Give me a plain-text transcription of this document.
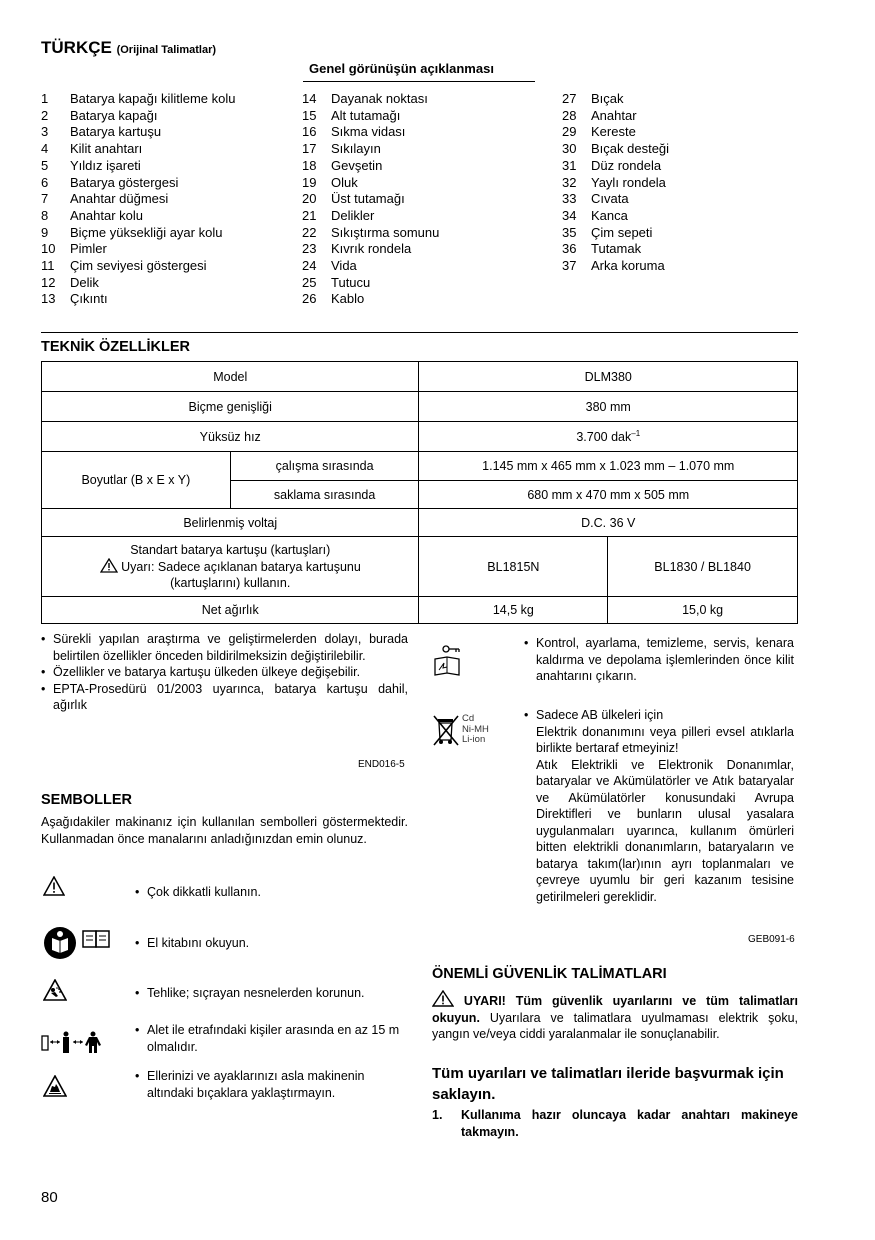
TÜRKÇE (Orijinal Talimatlar)
Genel görünüşün açıklanması
1	Batarya kapağı kilitleme kolu
2	Batarya kapağı
3	Batarya kartuşu
4	Kilit anahtarı
5	Yıldız işareti
6	Batarya göstergesi
7	Anahtar düğmesi
8	Anahtar kolu
9	Biçme yüksekliği ayar kolu
10	Pimler
11	Çim seviyesi göstergesi
12	Delik
13	Çıkıntı
14	Dayanak noktası
15	Alt tutamağı
16	Sıkma vidası
17	Sıkılayın
18	Gevşetin
19	Oluk
20	Üst tutamağı
21	Delikler
22	Sıkıştırma somunu
23	Kıvrık rondela
24	Vida
25	Tutucu
26	Kablo
27	Bıçak
28	Anahtar
29	Kereste
30	Bıçak desteği
31	Düz rondela
32	Yaylı rondela
33	Cıvata
34	Kanca
35	Çim sepeti
36	Tutamak
37	Arka koruma
TEKNİK ÖZELLİKLER
Model		DLM380	
Biçme genişliği		380 mm	
Yüksüz hız		3.700 dak$^{-1}$
Boyutlar (B x E x Y)	çalışma sırasında	1.145 mm x 465 mm x 1.023 mm – 1.070 mm	
	saklama sırasında	680 mm x 470 mm x 505 mm	
Belirlenmiş voltaj		D.C. 36 V	

Standart batarya kartuşu (kartuşları)
Uyarı: Sadece açıklanan batarya kartuşunu
(kartuşlarını) kullanın.		BL1815N	BL1830 / BL1840
Net ağırlık		14,5 kg	15,0 kg
• Sürekli yapılan araştırma ve geliştirmelerden dolayı, burada belirtilen özellikler önceden bildirilmeksizin değiştirilebilir.
• Özellikler ve batarya kartuşu ülkeden ülkeye değişebilir.
• EPTA-Prosedürü 01/2003 uyarınca, batarya kartuşu dahil, ağırlık
END016-5
SEMBOLLER
Aşağıdakiler makinanız için kullanılan sembolleri göstermektedir. Kullanmadan önce manalarını anladığınızdan emin olunuz.
• Çok dikkatli kullanın.
• El kitabını okuyun.
• Tehlike; sıçrayan nesnelerden korunun.
• Alet ile etrafındaki kişiler arasında en az 15 m olmalıdır.
• Ellerinizi ve ayaklarınızı asla makinenin altındaki bıçaklara yaklaştırmayın.
• Kontrol, ayarlama, temizleme, servis, kenara kaldırma ve depolama işlemlerinden önce kilit anahtarını çıkarın.
Cd
Ni-MH
Li-ion
• Sadece AB ülkeleri için
Elektrik donanımını veya pilleri evsel atıklarla birlikte bertaraf etmeyiniz!
Atık Elektrikli ve Elektronik Donanımlar, bataryalar ve Akümülatörler ve Atık bataryalar ve Akümülatörler konusundaki Avrupa Direktifleri ve bunların ulusal yasalara uygulanmaları uyarınca, kullanım ömürleri bitten elektrikli donanımların, bataryaların ve batarya takım(lar)ının ayrı toplanmaları ve çevreye uyumlu bir geri kazanım tesisine getirilmeleri gereklidir.
GEB091-6
ÖNEMLİ GÜVENLİK TALİMATLARI
UYARI! Tüm güvenlik uyarılarını ve tüm talimatları okuyun. Uyarılara ve talimatlara uyulmaması elektrik şoku, yangın ve/veya ciddi yaralanmalar ile sonuçlanabilir.
Tüm uyarıları ve talimatları ileride başvurmak için saklayın.
1.	Kullanıma hazır oluncaya kadar anahtarı makineye takmayın.
80
